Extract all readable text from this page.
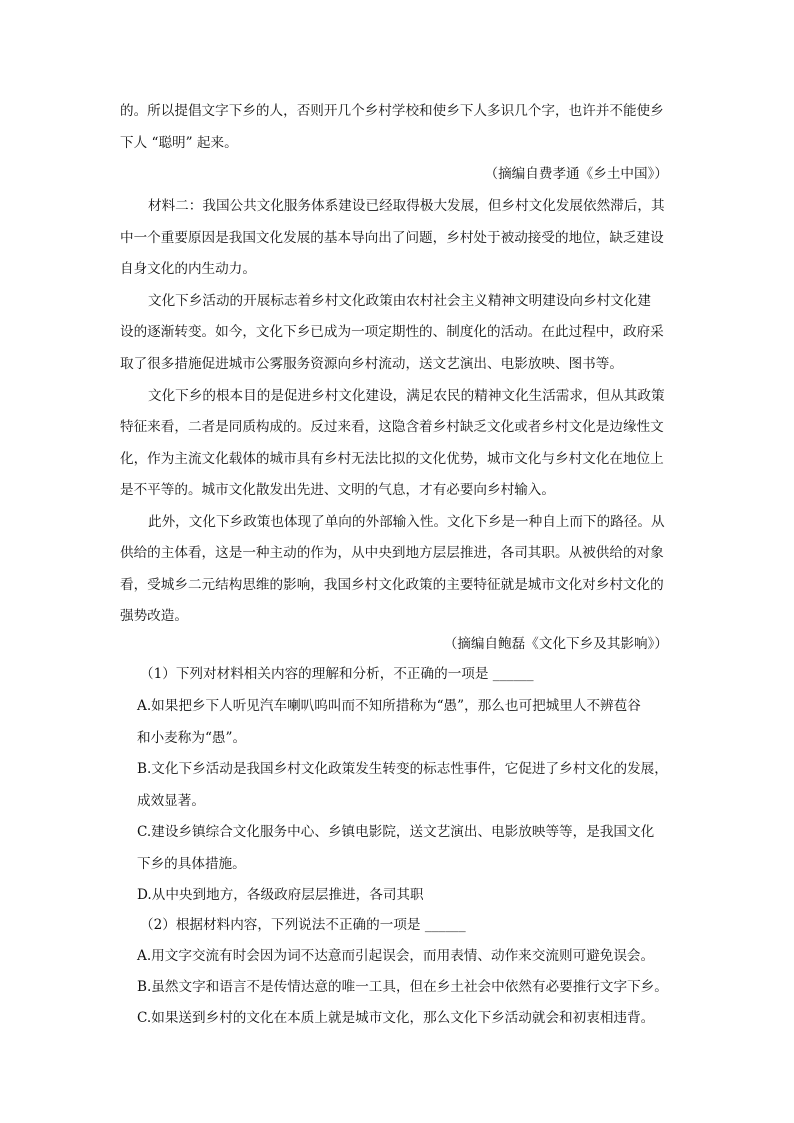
的。所以提倡文字下乡的人，否则开几个乡村学校和使乡下人多识几个字，也许并不能使乡
下人 “聪明” 起来。
（摘编自费孝通《乡土中国》）
材料二：我国公共文化服务体系建设已经取得极大发展，但乡村文化发展依然滞后，其
中一个重要原因是我国文化发展的基本导向出了问题，乡村处于被动接受的地位，缺乏建设
自身文化的内生动力。
文化下乡活动的开展标志着乡村文化政策由农村社会主义精神文明建设向乡村文化建
设的逐渐转变。如今，文化下乡已成为一项定期性的、制度化的活动。在此过程中，政府采
取了很多措施促进城市公雾服务资源向乡村流动，送文艺演出、电影放映、图书等。
文化下乡的根本目的是促进乡村文化建设，满足农民的精神文化生活需求，但从其政策
特征来看，二者是同质构成的。反过来看，这隐含着乡村缺乏文化或者乡村文化是边缘性文
化，作为主流文化载体的城市具有乡村无法比拟的文化优势，城市文化与乡村文化在地位上
是不平等的。城市文化散发出先进、文明的气息，才有必要向乡村输入。
此外，文化下乡政策也体现了单向的外部输入性。文化下乡是一种自上而下的路径。从
供给的主体看，这是一种主动的作为，从中央到地方层层推进，各司其职。从被供给的对象
看，受城乡二元结构思维的影响，我国乡村文化政策的主要特征就是城市文化对乡村文化的
强势改造。
（摘编自鲍磊《文化下乡及其影响》）
（1）下列对材料相关内容的理解和分析，不正确的一项是 ______
A.如果把乡下人听见汽车喇叭呜叫而不知所措称为“愚”，那么也可把城里人不辨苞谷
和小麦称为“愚”。
B.文化下乡活动是我国乡村文化政策发生转变的标志性事件，它促进了乡村文化的发展，
成效显著。
C.建设乡镇综合文化服务中心、乡镇电影院，送文艺演出、电影放映等等，是我国文化
下乡的具体措施。
D.从中央到地方，各级政府层层推进，各司其职
（2）根据材料内容，下列说法不正确的一项是 ______
A.用文字交流有时会因为词不达意而引起误会，而用表情、动作来交流则可避免误会。
B.虽然文字和语言不是传情达意的唯一工具，但在乡土社会中依然有必要推行文字下乡。
C.如果送到乡村的文化在本质上就是城市文化，那么文化下乡活动就会和初衷相违背。
